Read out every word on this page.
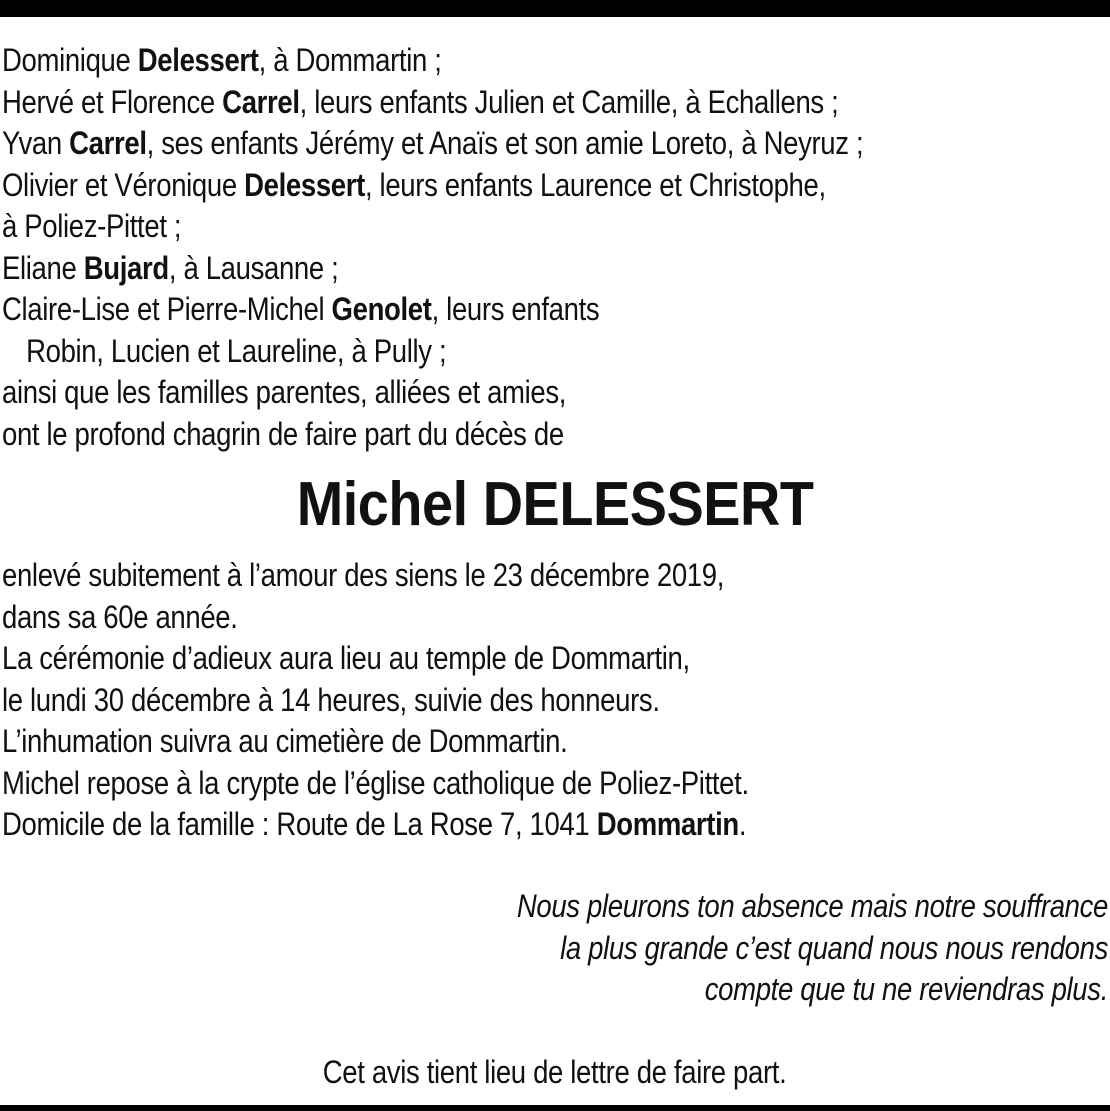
Dominique Delessert, à Dommartin ;
Hervé et Florence Carrel, leurs enfants Julien et Camille, à Echallens ;
Yvan Carrel, ses enfants Jérémy et Anaïs et son amie Loreto, à Neyruz ;
Olivier et Véronique Delessert, leurs enfants Laurence et Christophe,
à Poliez-Pittet ;
Eliane Bujard, à Lausanne ;
Claire-Lise et Pierre-Michel Genolet, leurs enfants
Robin, Lucien et Laureline, à Pully ;
ainsi que les familles parentes, alliées et amies,
ont le profond chagrin de faire part du décès de
Michel DELESSERT
enlevé subitement à l’amour des siens le 23 décembre 2019,
dans sa 60e année.
La cérémonie d’adieux aura lieu au temple de Dommartin,
le lundi 30 décembre à 14 heures, suivie des honneurs.
L’inhumation suivra au cimetière de Dommartin.
Michel repose à la crypte de l’église catholique de Poliez-Pittet.
Domicile de la famille : Route de La Rose 7, 1041 Dommartin.
Nous pleurons ton absence mais notre souffrance
la plus grande c’est quand nous nous rendons
compte que tu ne reviendras plus.
Cet avis tient lieu de lettre de faire part.
